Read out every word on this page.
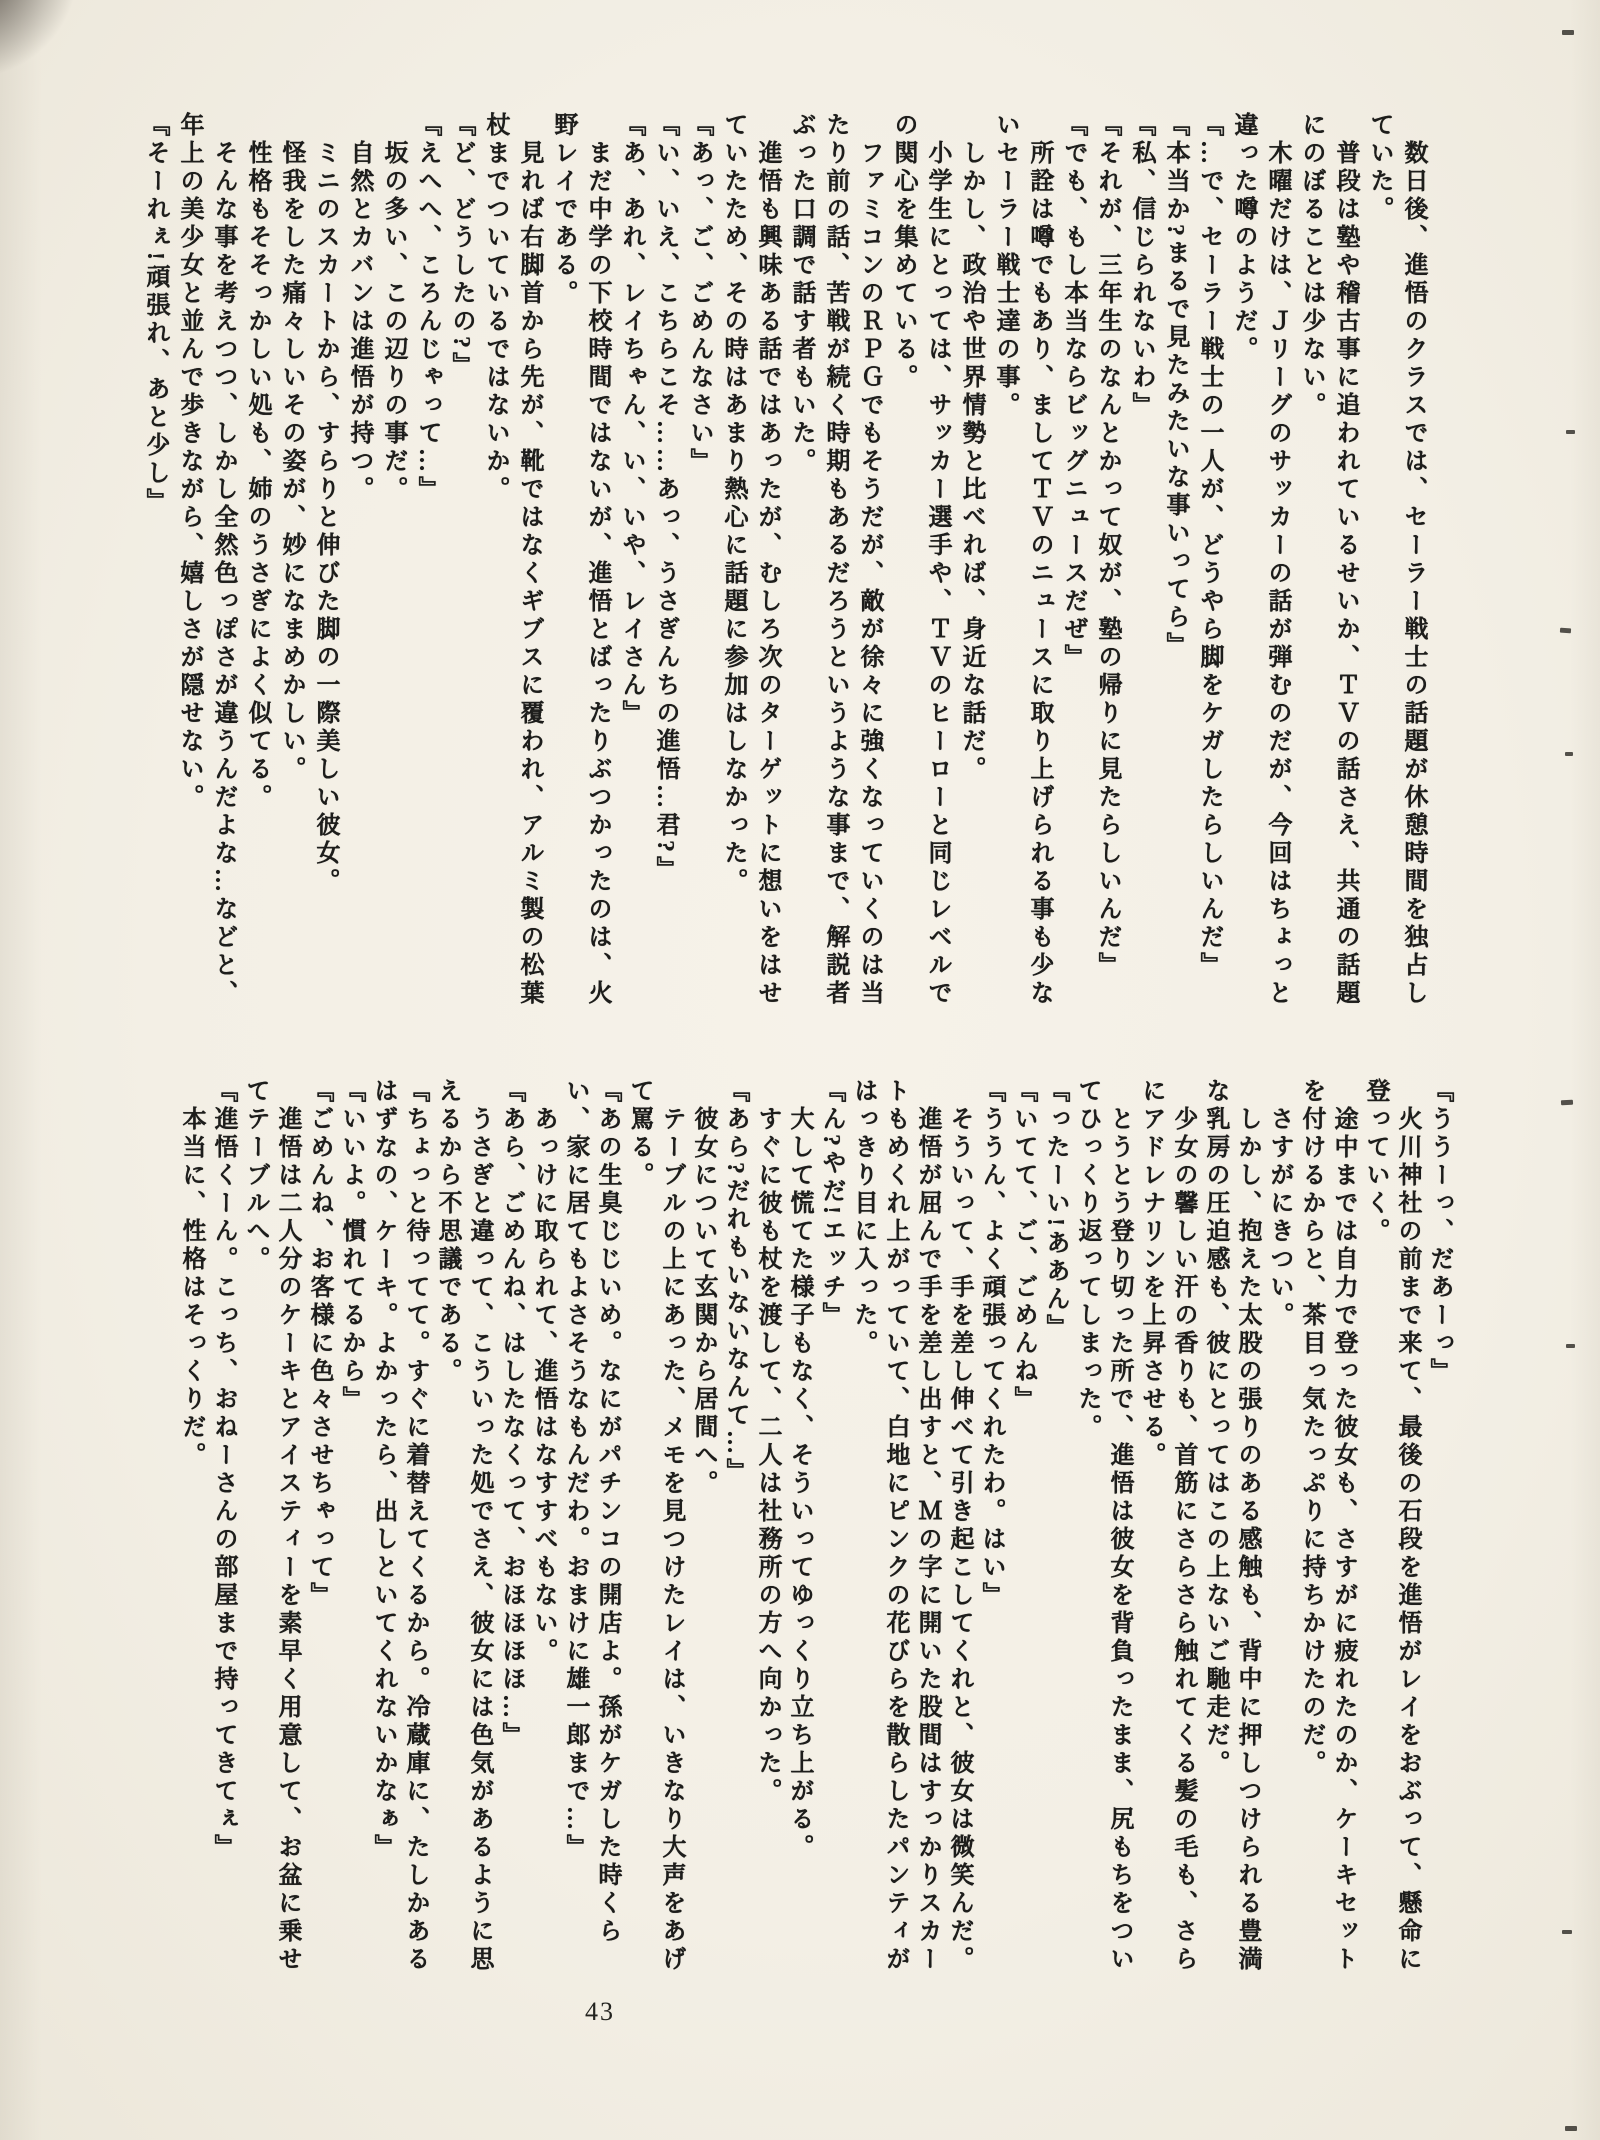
数日後、進悟のクラスでは、セーラー戦士の話題が休憩時間を独占していた。

普段は塾や稽古事に追われているせいか、ＴＶの話さえ、共通の話題にのぼることは少ない。

木曜だけは、Ｊリーグのサッカーの話が弾むのだが、今回はちょっと違った噂のようだ。

『…で、セーラー戦士の一人が、どうやら脚をケガしたらしいんだ』

『本当か?まるで見たみたいな事いってら』

『私、信じられないわ』

『それが、三年生のなんとかって奴が、塾の帰りに見たらしいんだ』

『でも、もし本当ならビッグニュースだぜ』

所詮は噂でもあり、ましてＴＶのニュースに取り上げられる事も少ないセーラー戦士達の事。

しかし、政治や世界情勢と比べれば、身近な話だ。

小学生にとっては、サッカー選手や、ＴＶのヒーローと同じレベルでの関心を集めている。

ファミコンのＲＰＧでもそうだが、敵が徐々に強くなっていくのは当たり前の話、苦戦が続く時期もあるだろうというような事まで、解説者ぶった口調で話す者もいた。

進悟も興味ある話ではあったが、むしろ次のターゲットに想いをはせていたため、その時はあまり熱心に話題に参加はしなかった。

『あっ、ご、ごめんなさい』

『い、いえ、こちらこそ……あっ、うさぎんちの進悟…君?』

『あ、あれ、レイちゃん、い、いや、レイさん』

まだ中学の下校時間ではないが、進悟とばったりぶつかったのは、火野レイである。

見れば右脚首から先が、靴ではなくギブスに覆われ、アルミ製の松葉杖までついているではないか。

『ど、どうしたの?』

『えへへ、ころんじゃって…』

坂の多い、この辺りの事だ。

自然とカバンは進悟が持つ。

ミニのスカートから、すらりと伸びた脚の一際美しい彼女。

怪我をした痛々しいその姿が、妙になまめかしい。

性格もそそっかしい処も、姉のうさぎによく似てる。

そんな事を考えつつ、しかし全然色っぽさが違うんだよな…などと、年上の美少女と並んで歩きながら、嬉しさが隠せない。

『そーれぇ!頑張れ、あと少し』

『ううーっ、だあーっ』

火川神社の前まで来て、最後の石段を進悟がレイをおぶって、懸命に登っていく。

途中までは自力で登った彼女も、さすがに疲れたのか、ケーキセットを付けるからと、茶目っ気たっぷりに持ちかけたのだ。

さすがにきつい。

しかし、抱えた太股の張りのある感触も、背中に押しつけられる豊満な乳房の圧迫感も、彼にとってはこの上ないご馳走だ。

少女の馨しい汗の香りも、首筋にさらさら触れてくる髪の毛も、さらにアドレナリンを上昇させる。

とうとう登り切った所で、進悟は彼女を背負ったまま、尻もちをついてひっくり返ってしまった。

『ったーい!ああん』

『いてて、ご、ごめんね』

『ううん、よく頑張ってくれたわ。はい』

そういって、手を差し伸べて引き起こしてくれと、彼女は微笑んだ。

進悟が屈んで手を差し出すと、Ｍの字に開いた股間はすっかりスカートもめくれ上がっていて、白地にピンクの花びらを散らしたパンティがはっきり目に入った。

『ん?やだ!エッチ』

大して慌てた様子もなく、そういってゆっくり立ち上がる。

すぐに彼も杖を渡して、二人は社務所の方へ向かった。

『あら?だれもいないなんて…』

彼女について玄関から居間へ。

テーブルの上にあった、メモを見つけたレイは、いきなり大声をあげて罵る。

『あの生臭じじいめ。なにがパチンコの開店よ。孫がケガした時くらい、家に居てもよさそうなもんだわ。おまけに雄一郎まで…』

あっけに取られて、進悟はなすすべもない。

『あら、ごめんね、はしたなくって、おほほほほ…』

うさぎと違って、こういった処でさえ、彼女には色気があるように思えるから不思議である。

『ちょっと待ってて。すぐに着替えてくるから。冷蔵庫に、たしかあるはずなの、ケーキ。よかったら、出しといてくれないかなぁ』

『いいよ。慣れてるから』

『ごめんね、お客様に色々させちゃって』

進悟は二人分のケーキとアイスティーを素早く用意して、お盆に乗せてテーブルへ。

『進悟くーん。こっち、おねーさんの部屋まで持ってきてぇ』

本当に、性格はそっくりだ。

43
